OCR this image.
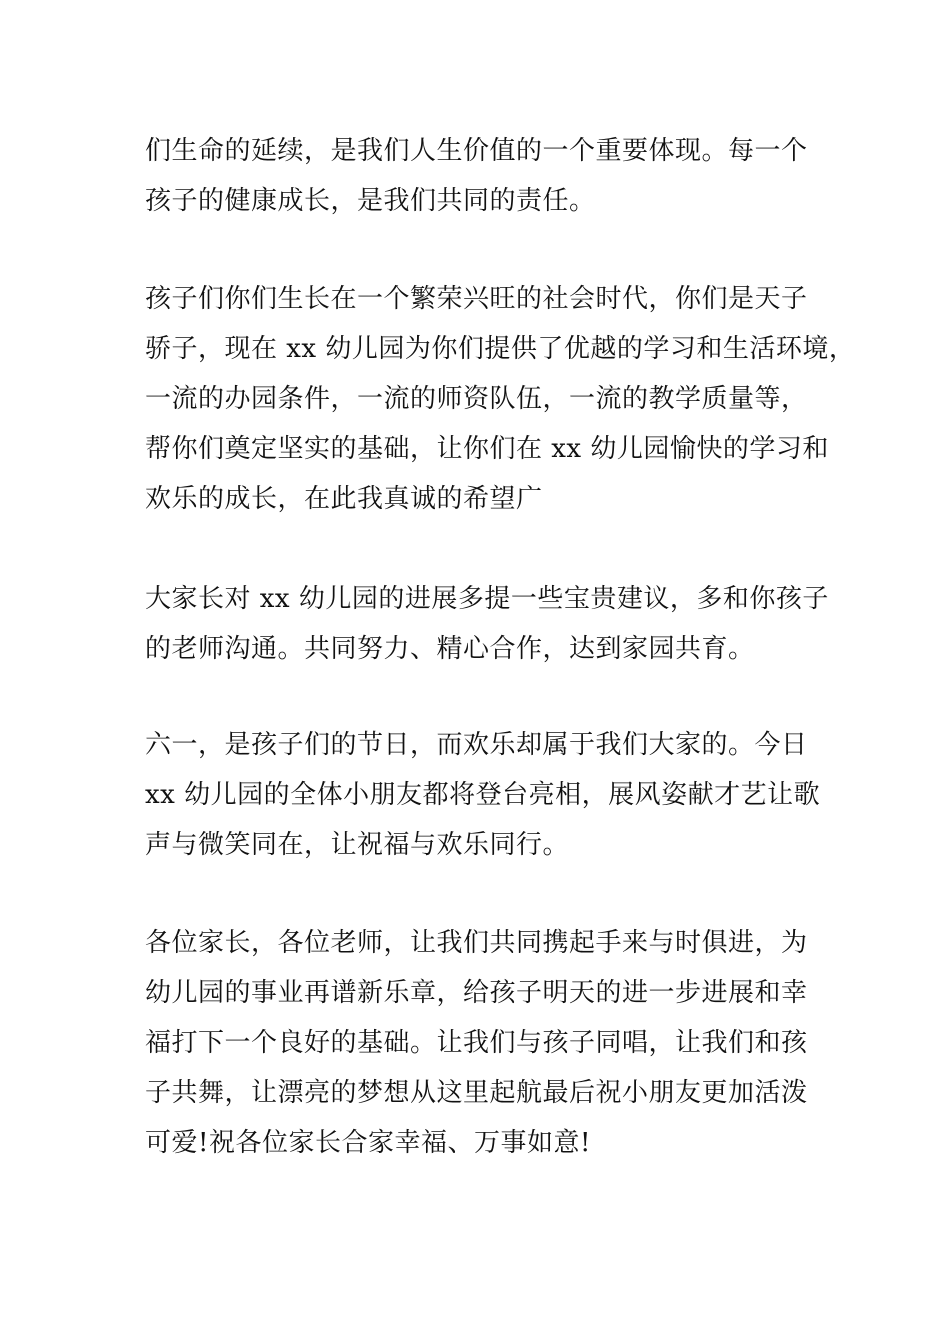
们生命的延续，是我们人生价值的一个重要体现。每一个
孩子的健康成长，是我们共同的责任。
孩子们你们生长在一个繁荣兴旺的社会时代，你们是天子
骄子，现在 xx 幼儿园为你们提供了优越的学习和生活环境，
一流的办园条件，一流的师资队伍，一流的教学质量等，
帮你们奠定坚实的基础，让你们在 xx 幼儿园愉快的学习和
欢乐的成长，在此我真诚的希望广
大家长对 xx 幼儿园的进展多提一些宝贵建议，多和你孩子
的老师沟通。共同努力、精心合作，达到家园共育。
六一，是孩子们的节日，而欢乐却属于我们大家的。今日
xx 幼儿园的全体小朋友都将登台亮相，展风姿献才艺让歌
声与微笑同在，让祝福与欢乐同行。
各位家长，各位老师，让我们共同携起手来与时俱进，为
幼儿园的事业再谱新乐章，给孩子明天的进一步进展和幸
福打下一个良好的基础。让我们与孩子同唱，让我们和孩
子共舞，让漂亮的梦想从这里起航最后祝小朋友更加活泼
可爱!祝各位家长合家幸福、万事如意!
